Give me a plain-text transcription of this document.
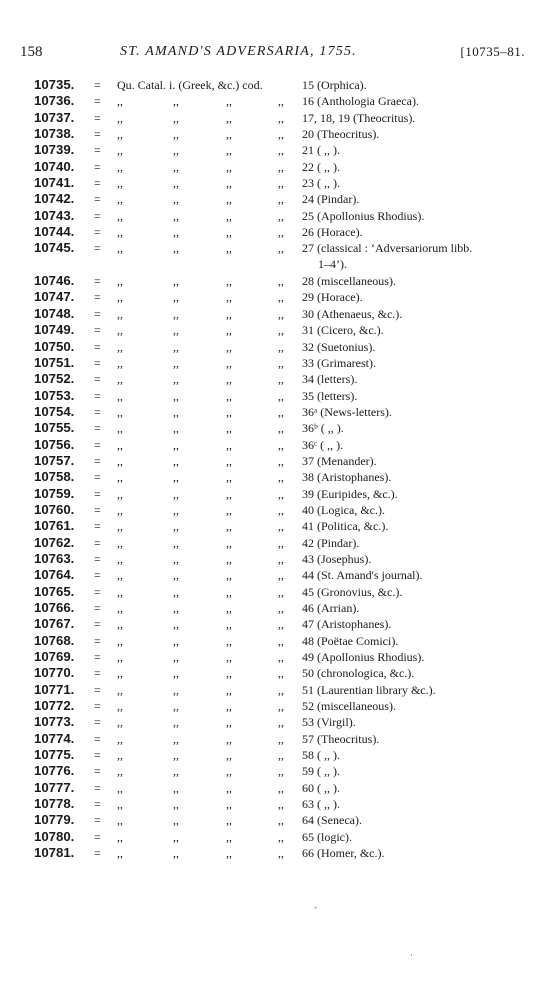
158	ST. AMAND'S ADVERSARIA, 1755.	[10735–81.
10735. = Qu. Catal. i. (Greek, &c.) cod.	15 (Orphica).
10736. = ,,	,,	,,	,, 16 (Anthologia Graeca).
10737. = ,,	,,	,,	,, 17, 18, 19 (Theocritus).
10738. = ,,	,,	,,	,, 20 (Theocritus).
10739. = ,,	,,	,,	,, 21 ( ,, ).
10740. = ,,	,,	,,	,, 22 ( ,, ).
10741. = ,,	,,	,,	,, 23 ( ,, ).
10742. = ,,	,,	,,	,, 24 (Pindar).
10743. = ,,	,,	,,	,, 25 (Apollonius Rhodius).
10744. = ,,	,,	,,	,, 26 (Horace).
10745. = ,,	,,	,,	,, 27 (classical : ‘Adversariorum libb.
1–4’).
10746. = ,,	,,	,,	,, 28 (miscellaneous).
10747. = ,,	,,	,,	,, 29 (Horace).
10748. = ,,	,,	,,	,, 30 (Athenaeus, &c.).
10749. = ,,	,,	,,	,, 31 (Cicero, &c.).
10750. = ,,	,,	,,	,, 32 (Suetonius).
10751. = ,,	,,	,,	,, 33 (Grimarest).
10752. = ,,	,,	,,	,, 34 (letters).
10753. = ,,	,,	,,	,, 35 (letters).
10754. = ,,	,,	,,	,, 36ᵃ (News-letters).
10755. = ,,	,,	,,	,, 36ᵇ ( ,, ).
10756. = ,,	,,	,,	,, 36ᶜ ( ,, ).
10757. = ,,	,,	,,	,, 37 (Menander).
10758. = ,,	,,	,,	,, 38 (Aristophanes).
10759. = ,,	,,	,,	,, 39 (Euripides, &c.).
10760. = ,,	,,	,,	,, 40 (Logica, &c.).
10761. = ,,	,,	,,	,, 41 (Politica, &c.).
10762. = ,,	,,	,,	,, 42 (Pindar).
10763. = ,,	,,	,,	,, 43 (Josephus).
10764. = ,,	,,	,,	,, 44 (St. Amand's journal).
10765. = ,,	,,	,,	,, 45 (Gronovius, &c.).
10766. = ,,	,,	,,	,, 46 (Arrian).
10767. = ,,	,,	,,	,, 47 (Aristophanes).
10768. = ,,	,,	,,	,, 48 (Poëtae Comici).
10769. = ,,	,,	,,	,, 49 (Apollonius Rhodius).
10770. = ,,	,,	,,	,, 50 (chronologica, &c.).
10771. = ,,	,,	,,	,, 51 (Laurentian library &c.).
10772. = ,,	,,	,,	,, 52 (miscellaneous).
10773. = ,,	,,	,,	,, 53 (Virgil).
10774. = ,,	,,	,,	,, 57 (Theocritus).
10775. = ,,	,,	,,	,, 58 ( ,, ).
10776. = ,,	,,	,,	,, 59 ( ,, ).
10777. = ,,	,,	,,	,, 60 ( ,, ).
10778. = ,,	,,	,,	,, 63 ( ,, ).
10779. = ,,	,,	,,	,, 64 (Seneca).
10780. = ,,	,,	,,	,, 65 (logic).
10781. = ,,	,,	,,	,, 66 (Homer, &c.).
-
·
